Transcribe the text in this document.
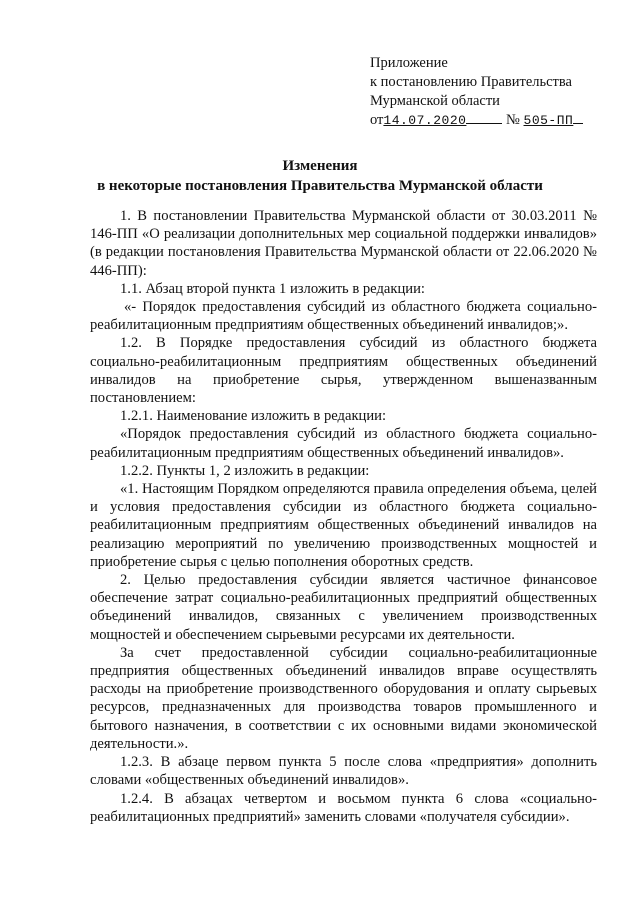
Приложение
к постановлению Правительства
Мурманской области
от14.07.2020	№ 505-ПП
Изменения
в некоторые постановления Правительства Мурманской области

1. В постановлении Правительства Мурманской области от 30.03.2011 № 146-ПП «О реализации дополнительных мер социальной поддержки инвалидов» (в редакции постановления Правительства Мурманской области от 22.06.2020 № 446-ПП):

1.1. Абзац второй пункта 1 изложить в редакции:

«- Порядок предоставления субсидий из областного бюджета социально-реабилитационным предприятиям общественных объединений инвалидов;».

1.2. В Порядке предоставления субсидий из областного бюджета социально-реабилитационным предприятиям общественных объединений инвалидов на приобретение сырья, утвержденном вышеназванным постановлением:

1.2.1. Наименование изложить в редакции:

«Порядок предоставления субсидий из областного бюджета социально-реабилитационным предприятиям общественных объединений инвалидов».

1.2.2. Пункты 1, 2 изложить в редакции:

«1. Настоящим Порядком определяются правила определения объема, целей и условия предоставления субсидии из областного бюджета социально-реабилитационным предприятиям общественных объединений инвалидов на реализацию мероприятий по увеличению производственных мощностей и приобретение сырья с целью пополнения оборотных средств.

2. Целью предоставления субсидии является частичное финансовое обеспечение затрат социально-реабилитационных предприятий общественных объединений инвалидов, связанных с увеличением производственных мощностей и обеспечением сырьевыми ресурсами их деятельности.

За счет предоставленной субсидии социально-реабилитационные предприятия общественных объединений инвалидов вправе осуществлять расходы на приобретение производственного оборудования и оплату сырьевых ресурсов, предназначенных для производства товаров промышленного и бытового назначения, в соответствии с их основными видами экономической деятельности.».

1.2.3. В абзаце первом пункта 5 после слова «предприятия» дополнить словами «общественных объединений инвалидов».

1.2.4. В абзацах четвертом и восьмом пункта 6 слова «социально-реабилитационных предприятий» заменить словами «получателя субсидии».
